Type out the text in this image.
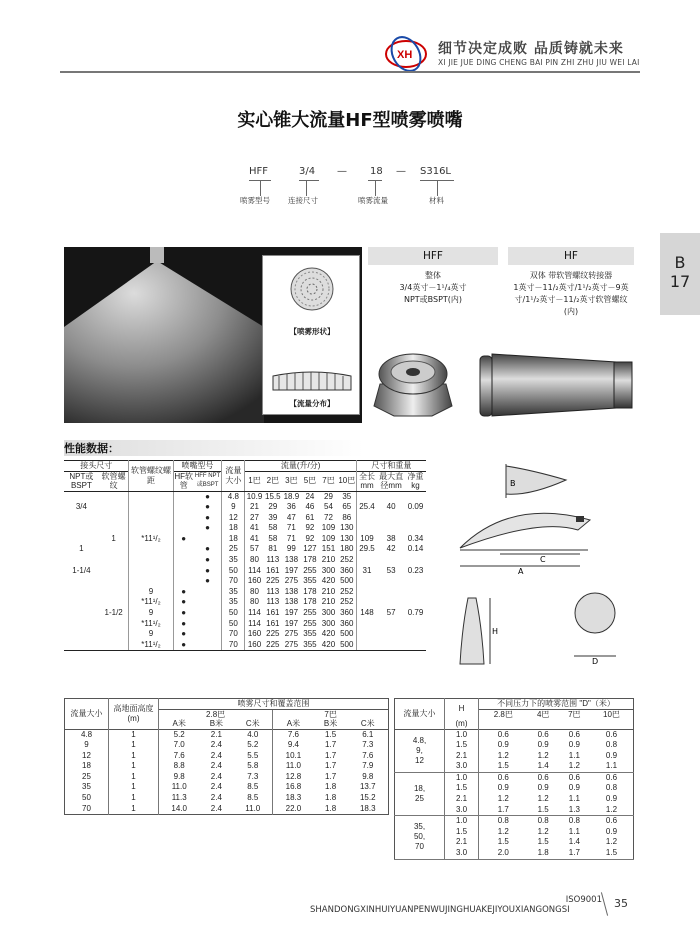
XH 细节决定成败 品质铸就未来
XI JIE JUE DING CHENG BAI PIN ZHI ZHU JIU WEI LAI
实心锥大流量HF型喷雾喷嘴
HFF	3/4 — 18 — S316L
喷雾型号 连接尺寸	喷雾流量	材料
【喷雾形状】
【流量分布】
HFF	HF
整体
3/4英寸－1¹/₄英寸
NPT或BSPT(内)
双体 带软管螺纹转接器
1英寸－11/₂英寸/1¹/₂英寸－9英
寸/1¹/₂英寸－11/₂英寸软管螺纹
(内)
B
17
性能数据：
接头尺寸		软管螺纹螺距	喷嘴型号		流量大小	流量(升/分)						尺寸和重量		
NPT或BSPT	软管螺纹		HF软管	HFF NPT或BSPT		1巴	2巴	3巴	5巴	7巴	10巴	全长mm	最大直径mm	净重kg

				●	4.8	10.9	15.5	18.9	24	29	35			
3/4				●	9	21	29	36	46	54	65	25.4	40	0.09
				●	12	27	39	47	61	72	86			
				●	18	41	58	71	92	109	130			
	1	*11¹/₂	●		18	41	58	71	92	109	130	109	38	0.34
1				●	25	57	81	99	127	151	180	29.5	42	0.14
				●	35	80	113	138	178	210	252			
1-1/4				●	50	114	161	197	255	300	360	31	53	0.23
				●	70	160	225	275	355	420	500			
		9	●		35	80	113	138	178	210	252			
		*11¹/₂	●		35	80	113	138	178	210	252			
	1-1/2	9	●		50	114	161	197	255	300	360	148	57	0.79
		*11¹/₂	●		50	114	161	197	255	300	360			
		9	●		70	160	225	275	355	420	500			
		*11¹/₂	●		70	160	225	275	355	420	500			
B
C
A
H
D
流量大小	高地面高度(m)	喷雾尺寸和覆盖范围					
		2.8巴			7巴		
		A米	B米	C米	A米	B米	C米
4.8	1	5.2	2.1	4.0	7.6	1.5	6.1
9	1	7.0	2.4	5.2	9.4	1.7	7.3
12	1	7.6	2.4	5.5	10.1	1.7	7.6
18	1	8.8	2.4	5.8	11.0	1.7	7.9
25	1	9.8	2.4	7.3	12.8	1.7	9.8
35	1	11.0	2.4	8.5	16.8	1.8	13.7
50	1	11.3	2.4	8.5	18.3	1.8	15.2
70	1	14.0	2.4	11.0	22.0	1.8	18.3
流量大小	H	不同压力下的喷雾范围 "D"（米）			
		2.8巴	4巴	7巴	10巴
	(m)				

4.8,
9,
12	1.0	0.6	0.6	0.6	0.6
	1.5	0.9	0.9	0.9	0.8
	2.1	1.2	1.2	1.1	0.9
	3.0	1.5	1.4	1.2	1.1

18,
25	1.0	0.6	0.6	0.6	0.6
	1.5	0.9	0.9	0.9	0.8
	2.1	1.2	1.2	1.1	0.9
	3.0	1.7	1.5	1.3	1.2

35,
50,
70	1.0	0.8	0.8	0.8	0.6
	1.5	1.2	1.2	1.1	0.9
	2.1	1.5	1.5	1.4	1.2
	3.0	2.0	1.8	1.7	1.5
ISO9001
SHANDONGXINHUIYUANPENWUJINGHUAKEJIYOUXIANGONGSI	35
